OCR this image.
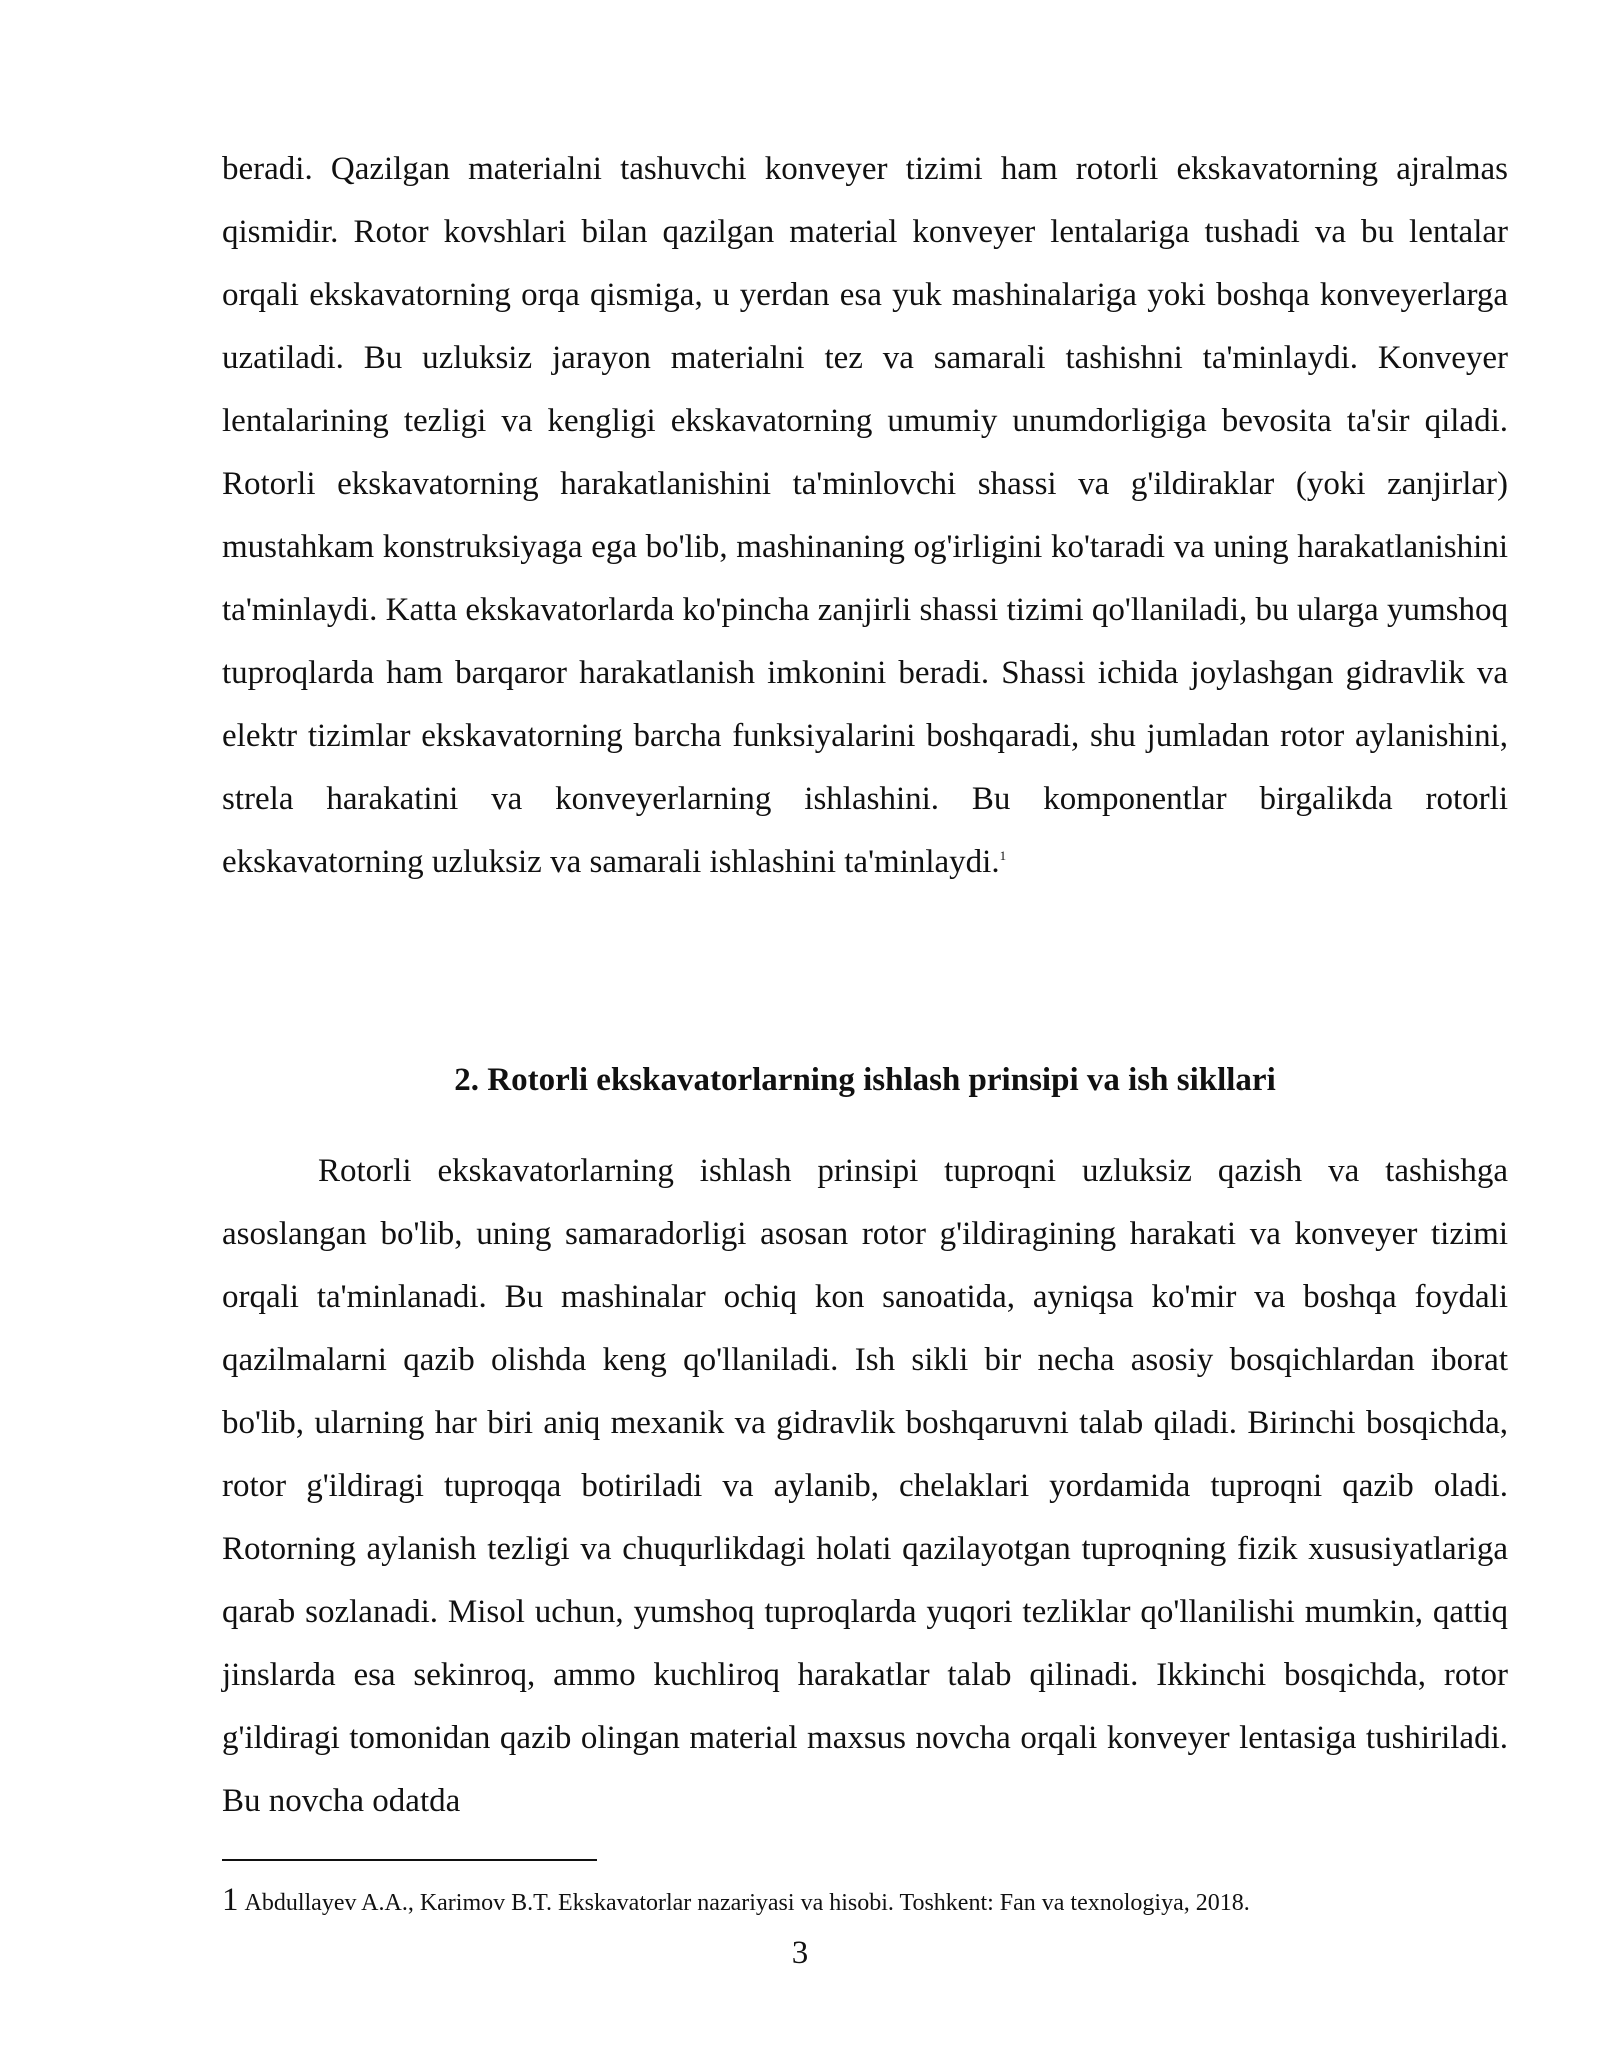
beradi. Qazilgan materialni tashuvchi konveyer tizimi ham rotorli ekskavatorning ajralmas qismidir. Rotor kovshlari bilan qazilgan material konveyer lentalariga tushadi va bu lentalar orqali ekskavatorning orqa qismiga, u yerdan esa yuk mashinalariga yoki boshqa konveyerlarga uzatiladi. Bu uzluksiz jarayon materialni tez va samarali tashishni ta'minlaydi. Konveyer lentalarining tezligi va kengligi ekskavatorning umumiy unumdorligiga bevosita ta'sir qiladi. Rotorli ekskavatorning harakatlanishini ta'minlovchi shassi va g'ildiraklar (yoki zanjirlar) mustahkam konstruksiyaga ega bo'lib, mashinaning og'irligini ko'taradi va uning harakatlanishini ta'minlaydi. Katta ekskavatorlarda ko'pincha zanjirli shassi tizimi qo'llaniladi, bu ularga yumshoq tuproqlarda ham barqaror harakatlanish imkonini beradi. Shassi ichida joylashgan gidravlik va elektr tizimlar ekskavatorning barcha funksiyalarini boshqaradi, shu jumladan rotor aylanishini, strela harakatini va konveyerlarning ishlashini. Bu komponentlar birgalikda rotorli ekskavatorning uzluksiz va samarali ishlashini ta'minlaydi.$^1$

2. Rotorli ekskavatorlarning ishlash prinsipi va ish sikllari

Rotorli ekskavatorlarning ishlash prinsipi tuproqni uzluksiz qazish va tashishga asoslangan bo'lib, uning samaradorligi asosan rotor g'ildiragining harakati va konveyer tizimi orqali ta'minlanadi. Bu mashinalar ochiq kon sanoatida, ayniqsa ko'mir va boshqa foydali qazilmalarni qazib olishda keng qo'llaniladi. Ish sikli bir necha asosiy bosqichlardan iborat bo'lib, ularning har biri aniq mexanik va gidravlik boshqaruvni talab qiladi. Birinchi bosqichda, rotor g'ildiragi tuproqqa botiriladi va aylanib, chelaklari yordamida tuproqni qazib oladi. Rotorning aylanish tezligi va chuqurlikdagi holati qazilayotgan tuproqning fizik xususiyatlariga qarab sozlanadi. Misol uchun, yumshoq tuproqlarda yuqori tezliklar qo'llanilishi mumkin, qattiq jinslarda esa sekinroq, ammo kuchliroq harakatlar talab qilinadi. Ikkinchi bosqichda, rotor g'ildiragi tomonidan qazib olingan material maxsus novcha orqali konveyer lentasiga tushiriladi. Bu novcha odatda

1 Abdullayev A.A., Karimov B.T. Ekskavatorlar nazariyasi va hisobi. Toshkent: Fan va texnologiya, 2018.

3
